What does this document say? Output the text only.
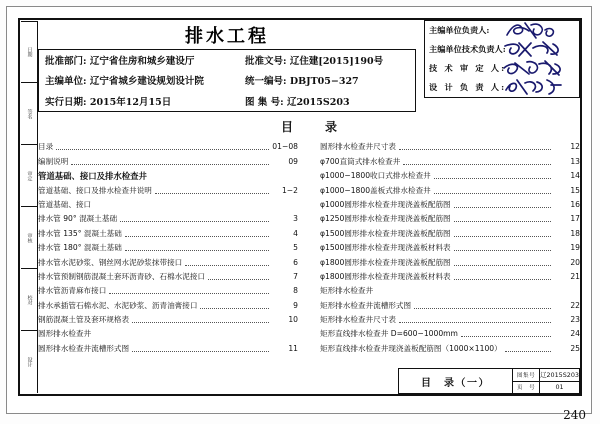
日期
签名
审定
审核
校对
设计
排水工程
批准部门: 辽宁省住房和城乡建设厅	批准文号: 辽住建[2015]190号
主编单位: 辽宁省城乡建设规划设计院	统一编号: DBJT05−327
实行日期: 2015年12月15日	图 集 号: 辽2015S203
主编单位负责人:
主编单位技术负责人:
技 术 审 定 人:
设 计 负 责 人:
目　录
目录	01−08
编制说明	09
管道基础、接口及排水检查井
管道基础、接口及排水检查井说明	1−2
管道基础、接口
排水管 90° 混凝土基础	3
排水管 135° 混凝土基础	4
排水管 180° 混凝土基础	5
排水管水泥砂浆、钢丝网水泥砂浆抹带接口	6
排水管预制钢筋混凝土套环沥青砂、石棉水泥接口	7
排水管沥青麻布接口	8
排水承插管石棉水泥、水泥砂浆、沥青油膏接口	9
钢筋混凝土管及套环规格表	10
圆形排水检查井
圆形排水检查井流槽形式图	11
圆形排水检查井尺寸表	12
φ700直筒式排水检查井	13
φ1000−1800收口式排水检查井	14
φ1000−1800盖板式排水检查井	15
φ1000圆形排水检查井现浇盖板配筋图	16
φ1250圆形排水检查井现浇盖板配筋图	17
φ1500圆形排水检查井现浇盖板配筋图	18
φ1500圆形排水检查井现浇盖板材料表	19
φ1800圆形排水检查井现浇盖板配筋图	20
φ1800圆形排水检查井现浇盖板材料表	21
矩形排水检查井
矩形排水检查井流槽形式图	22
矩形排水检查井尺寸表	23
矩形直线排水检查井 D=600−1000mm	24
矩形直线排水检查井现浇盖板配筋图（1000×1100）	25
目　录（一）
图集号 辽2015S203
页　号	01
240
